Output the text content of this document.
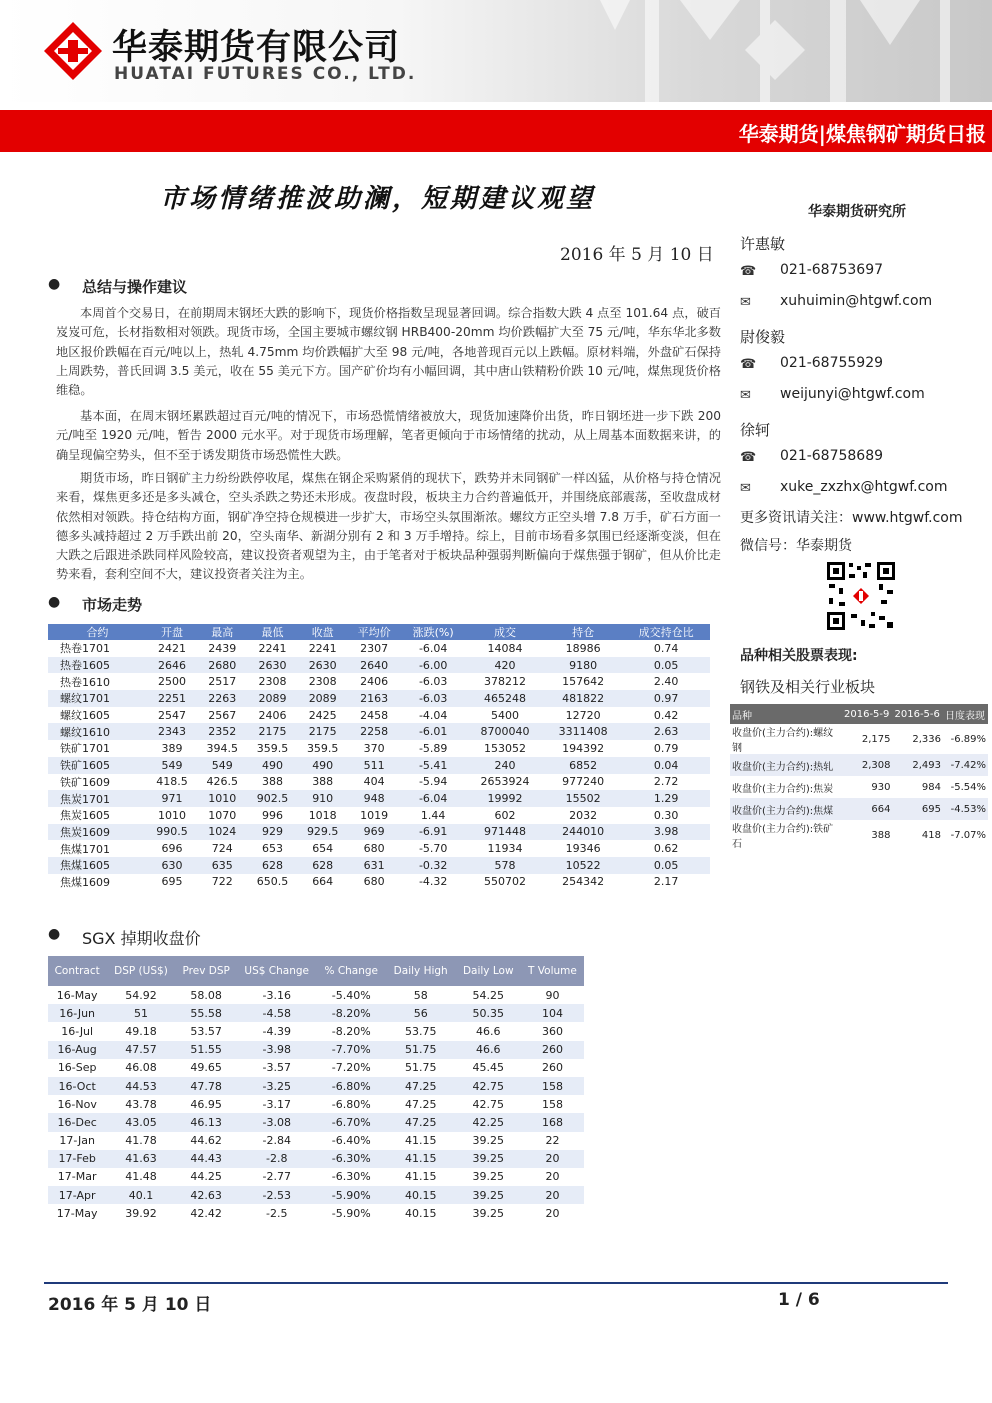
华泰期货有限公司
HUATAI FUTURES CO., LTD.
华泰期货|煤焦钢矿期货日报
市场情绪推波助澜，短期建议观望
2016 年 5 月 10 日
● 总结与操作建议
本周首个交易日，在前期周末钢坯大跌的影响下，现货价格指数呈现显著回调。综合指数大跌 4 点至 101.64 点，破百岌岌可危，长材指数相对领跌。现货市场，全国主要城市螺纹钢 HRB400-20mm 均价跌幅扩大至 75 元/吨，华东华北多数地区报价跌幅在百元/吨以上，热轧 4.75mm 均价跌幅扩大至 98 元/吨，各地普现百元以上跌幅。原材料端，外盘矿石保持上周跌势，普氏回调 3.5 美元，收在 55 美元下方。国产矿价均有小幅回调，其中唐山铁精粉价跌 10 元/吨，煤焦现货价格维稳。
基本面，在周末钢坯累跌超过百元/吨的情况下，市场恐慌情绪被放大，现货加速降价出货，昨日钢坯进一步下跌 200 元/吨至 1920 元/吨，暂告 2000 元水平。对于现货市场理解，笔者更倾向于市场情绪的扰动，从上周基本面数据来讲，的确呈现偏空势头，但不至于诱发期货市场恐慌性大跌。
期货市场，昨日钢矿主力纷纷跌停收尾，煤焦在钢企采购紧俏的现状下，跌势并未同钢矿一样凶猛，从价格与持仓情况来看，煤焦更多还是多头减仓，空头杀跌之势还未形成。夜盘时段，板块主力合约普遍低开，并围绕底部震荡，至收盘成材依然相对领跌。持仓结构方面，钢矿净空持仓规模进一步扩大，市场空头氛围渐浓。螺纹方正空头增 7.8 万手，矿石方面一德多头减持超过 2 万手跌出前 20，空头南华、新湖分别有 2 和 3 万手增持。综上，目前市场看多氛围已经逐渐变淡，但在大跌之后跟进杀跌同样风险较高，建议投资者观望为主，由于笔者对于板块品种强弱判断偏向于煤焦强于钢矿，但从价比走势来看，套利空间不大，建议投资者关注为主。
● 市场走势
合约	开盘	最高	最低	收盘	平均价	涨跌(%)	成交	持仓	成交持仓比
热卷1701	2421	2439	2241	2241	2307	-6.04	14084	18986	0.74
热卷1605	2646	2680	2630	2630	2640	-6.00	420	9180	0.05
热卷1610	2500	2517	2308	2308	2406	-6.03	378212	157642	2.40
螺纹1701	2251	2263	2089	2089	2163	-6.03	465248	481822	0.97
螺纹1605	2547	2567	2406	2425	2458	-4.04	5400	12720	0.42
螺纹1610	2343	2352	2175	2175	2258	-6.01	8700040	3311408	2.63
铁矿1701	389	394.5	359.5	359.5	370	-5.89	153052	194392	0.79
铁矿1605	549	549	490	490	511	-5.41	240	6852	0.04
铁矿1609	418.5	426.5	388	388	404	-5.94	2653924	977240	2.72
焦炭1701	971	1010	902.5	910	948	-6.04	19992	15502	1.29
焦炭1605	1010	1070	996	1018	1019	1.44	602	2032	0.30
焦炭1609	990.5	1024	929	929.5	969	-6.91	971448	244010	3.98
焦煤1701	696	724	653	654	680	-5.70	11934	19346	0.62
焦煤1605	630	635	628	628	631	-0.32	578	10522	0.05
焦煤1609	695	722	650.5	664	680	-4.32	550702	254342	2.17
● SGX 掉期收盘价
Contract	DSP (US$)	Prev DSP	US$ Change	% Change	Daily High	Daily Low	T Volume
16-May	54.92	58.08	-3.16	-5.40%	58	54.25	90
16-Jun	51	55.58	-4.58	-8.20%	56	50.35	104
16-Jul	49.18	53.57	-4.39	-8.20%	53.75	46.6	360
16-Aug	47.57	51.55	-3.98	-7.70%	51.75	46.6	260
16-Sep	46.08	49.65	-3.57	-7.20%	51.75	45.45	260
16-Oct	44.53	47.78	-3.25	-6.80%	47.25	42.75	158
16-Nov	43.78	46.95	-3.17	-6.80%	47.25	42.75	158
16-Dec	43.05	46.13	-3.08	-6.70%	47.25	42.25	168
17-Jan	41.78	44.62	-2.84	-6.40%	41.15	39.25	22
17-Feb	41.63	44.43	-2.8	-6.30%	41.15	39.25	20
17-Mar	41.48	44.25	-2.77	-6.30%	41.15	39.25	20
17-Apr	40.1	42.63	-2.53	-5.90%	40.15	39.25	20
17-May	39.92	42.42	-2.5	-5.90%	40.15	39.25	20
华泰期货研究所
许惠敏
☎ 021-68753697
✉ xuhuimin@htgwf.com
尉俊毅
☎ 021-68755929
✉ weijunyi@htgwf.com
徐轲
☎ 021-68758689
✉ xuke_zxzhx@htgwf.com
更多资讯请关注：www.htgwf.com
微信号：华泰期货
品种相关股票表现:
钢铁及相关行业板块
品种	2016-5-9	2016-5-6	日度表现
收盘价(主力合约):螺纹钢	2,175	2,336	-6.89%
收盘价(主力合约):热轧	2,308	2,493	-7.42%
收盘价(主力合约):焦炭	930	984	-5.54%
收盘价(主力合约):焦煤	664	695	-4.53%
收盘价(主力合约):铁矿石	388	418	-7.07%
2016 年 5 月 10 日	1 / 6
